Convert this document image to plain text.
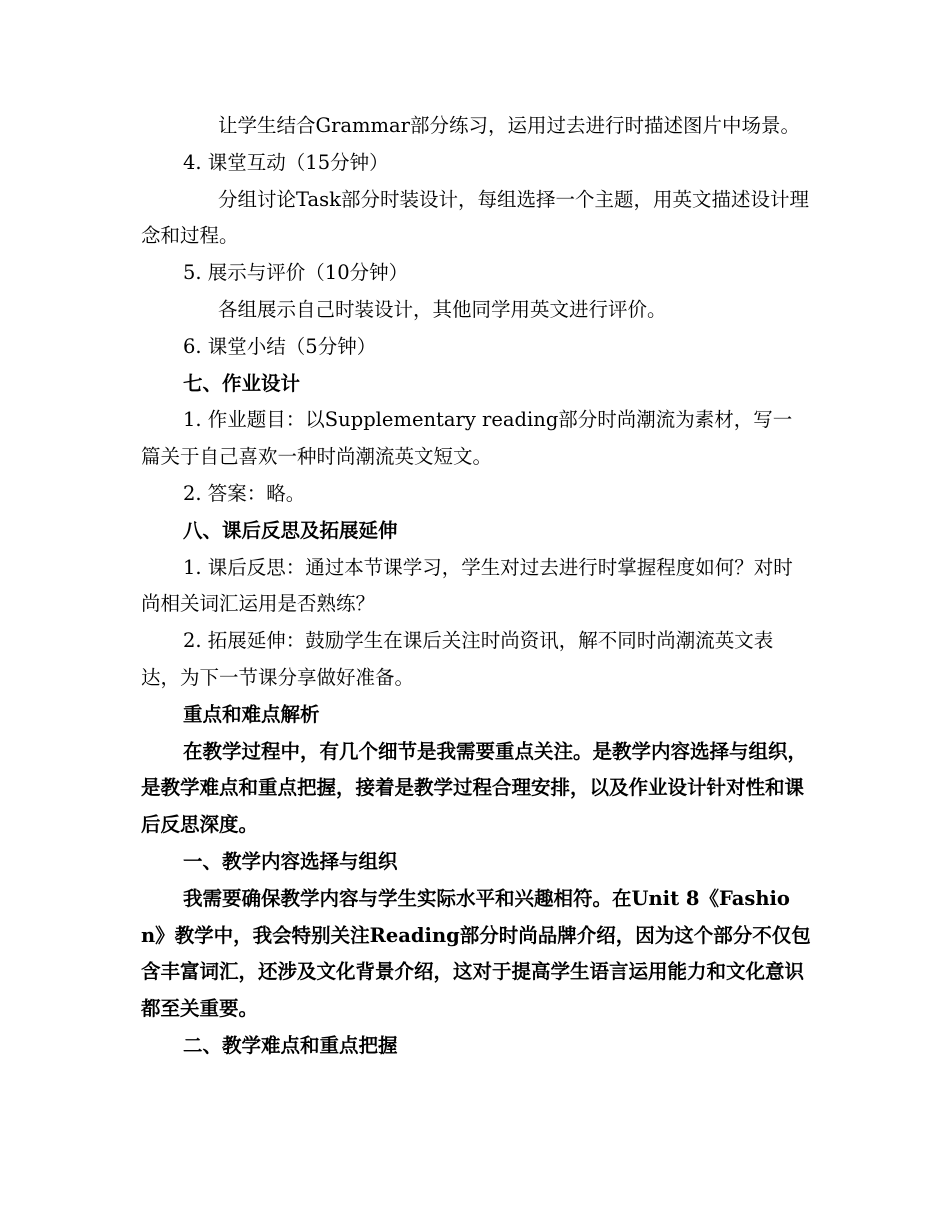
让学生结合Grammar部分练习，运用过去进行时描述图片中场景。

4. 课堂互动（15分钟）

分组讨论Task部分时装设计，每组选择一个主题，用英文描述设计理念和过程。

5. 展示与评价（10分钟）

各组展示自己时装设计，其他同学用英文进行评价。

6. 课堂小结（5分钟）

七、作业设计

1. 作业题目：以Supplementary reading部分时尚潮流为素材，写一篇关于自己喜欢一种时尚潮流英文短文。

2. 答案：略。

八、课后反思及拓展延伸

1. 课后反思：通过本节课学习，学生对过去进行时掌握程度如何？对时尚相关词汇运用是否熟练？

2. 拓展延伸：鼓励学生在课后关注时尚资讯，解不同时尚潮流英文表达，为下一节课分享做好准备。

重点和难点解析

在教学过程中，有几个细节是我需要重点关注。是教学内容选择与组织，是教学难点和重点把握，接着是教学过程合理安排，以及作业设计针对性和课后反思深度。

一、教学内容选择与组织

我需要确保教学内容与学生实际水平和兴趣相符。在Unit 8《Fashion》教学中，我会特别关注Reading部分时尚品牌介绍，因为这个部分不仅包含丰富词汇，还涉及文化背景介绍，这对于提高学生语言运用能力和文化意识都至关重要。

二、教学难点和重点把握
